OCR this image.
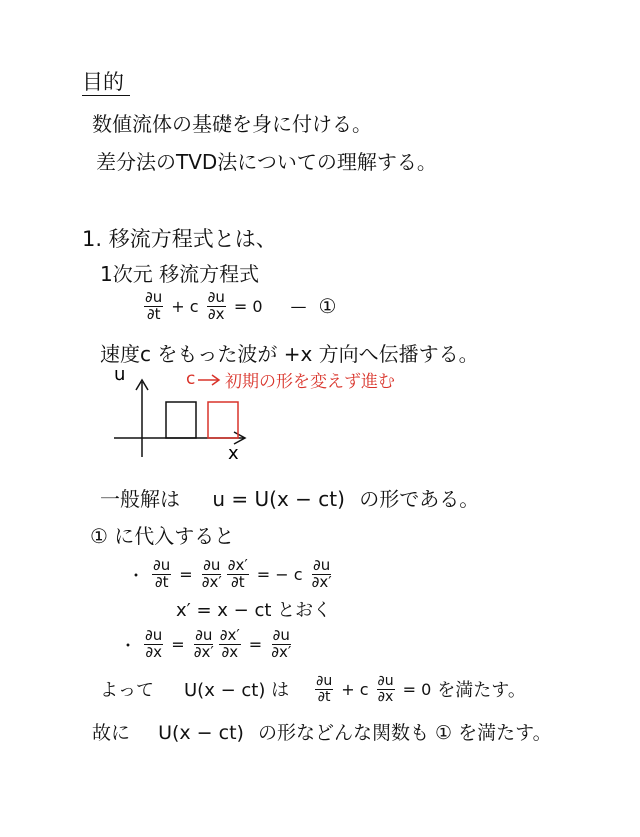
目的
数値流体の基礎を身に付ける。
差分法のTVD法についての理解する。
1. 移流方程式とは、
1次元 移流方程式
$\frac{\partial u}{\partial t} + c \frac{\partial u}{\partial x} = 0$ — ①
速度c をもった波が +x 方向へ伝播する。
u
x
c 初期の形を変えず進む
一般解は u = U(x − ct) の形である。
① に代入すると
・ $\frac{\partial u}{\partial t} = \frac{\partial u}{\partial x'} \frac{\partial x'}{\partial t}$ = − c $\frac{\partial u}{\partial x'}$
x′ = x − ct とおく
・ $\frac{\partial u}{\partial x} = \frac{\partial u}{\partial x'} \frac{\partial x'}{\partial x} = \frac{\partial u}{\partial x'}$
よって U(x − ct) は $\frac{\partial u}{\partial t} + c \frac{\partial u}{\partial x} = 0$ を満たす。
故に U(x − ct) の形などんな関数も ① を満たす。
